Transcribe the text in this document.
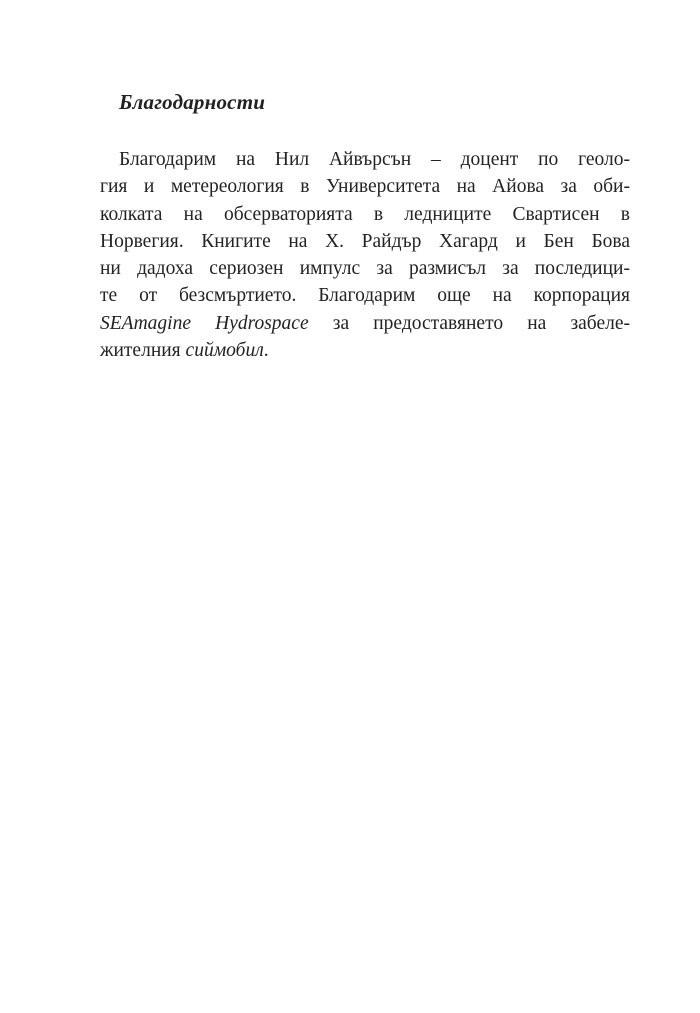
Благодарности
Благодарим на Нил Айвърсън – доцент по геоло-
гия и метереология в Университета на Айова за оби-
колката на обсерваторията в ледниците Свартисен в
Норвегия. Книгите на Х. Райдър Хагард и Бен Бова
ни дадоха сериозен импулс за размисъл за последици-
те от безсмъртието. Благодарим още на корпорация
SEAmagine Hydrospace за предоставянето на забеле-
жителния сиймобил.
